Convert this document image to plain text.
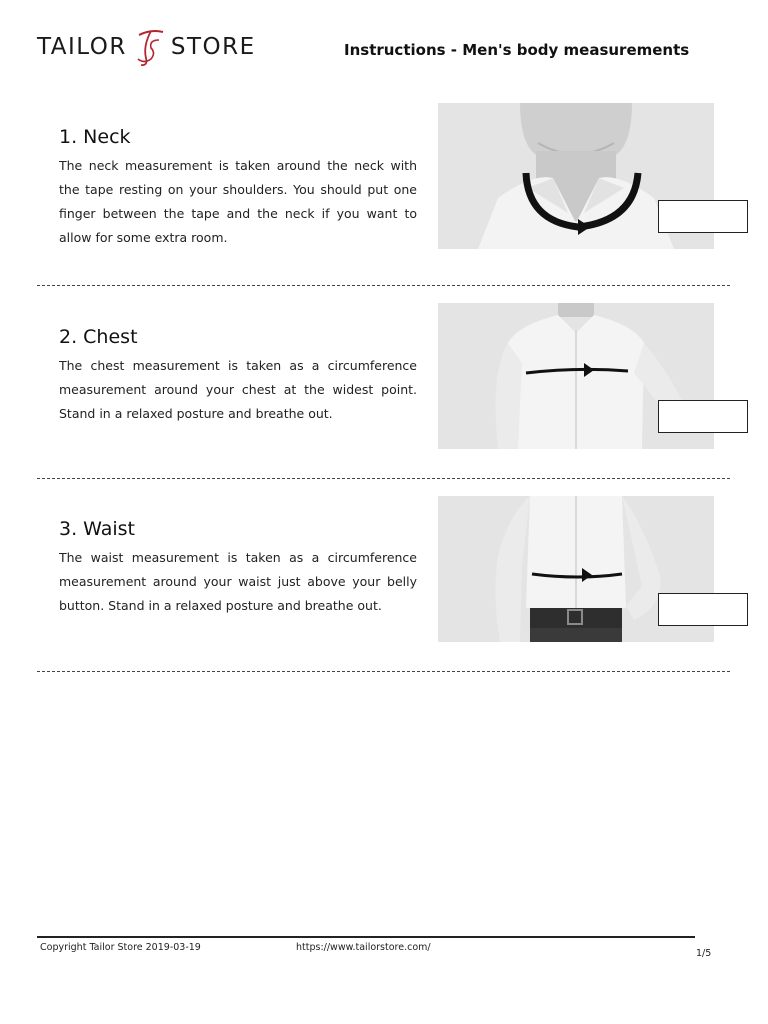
TAILOR STORE	Instructions - Men's body measurements
1. Neck
The neck measurement is taken around the neck with the tape resting on your shoulders. You should put one finger between the tape and the neck if you want to allow for some extra room.
2. Chest
The chest measurement is taken as a circumference measurement around your chest at the widest point. Stand in a relaxed posture and breathe out.
3. Waist
The waist measurement is taken as a circumference measurement around your waist just above your belly button. Stand in a relaxed posture and breathe out.
Copyright Tailor Store 2019-03-19	https://www.tailorstore.com/
1/5
